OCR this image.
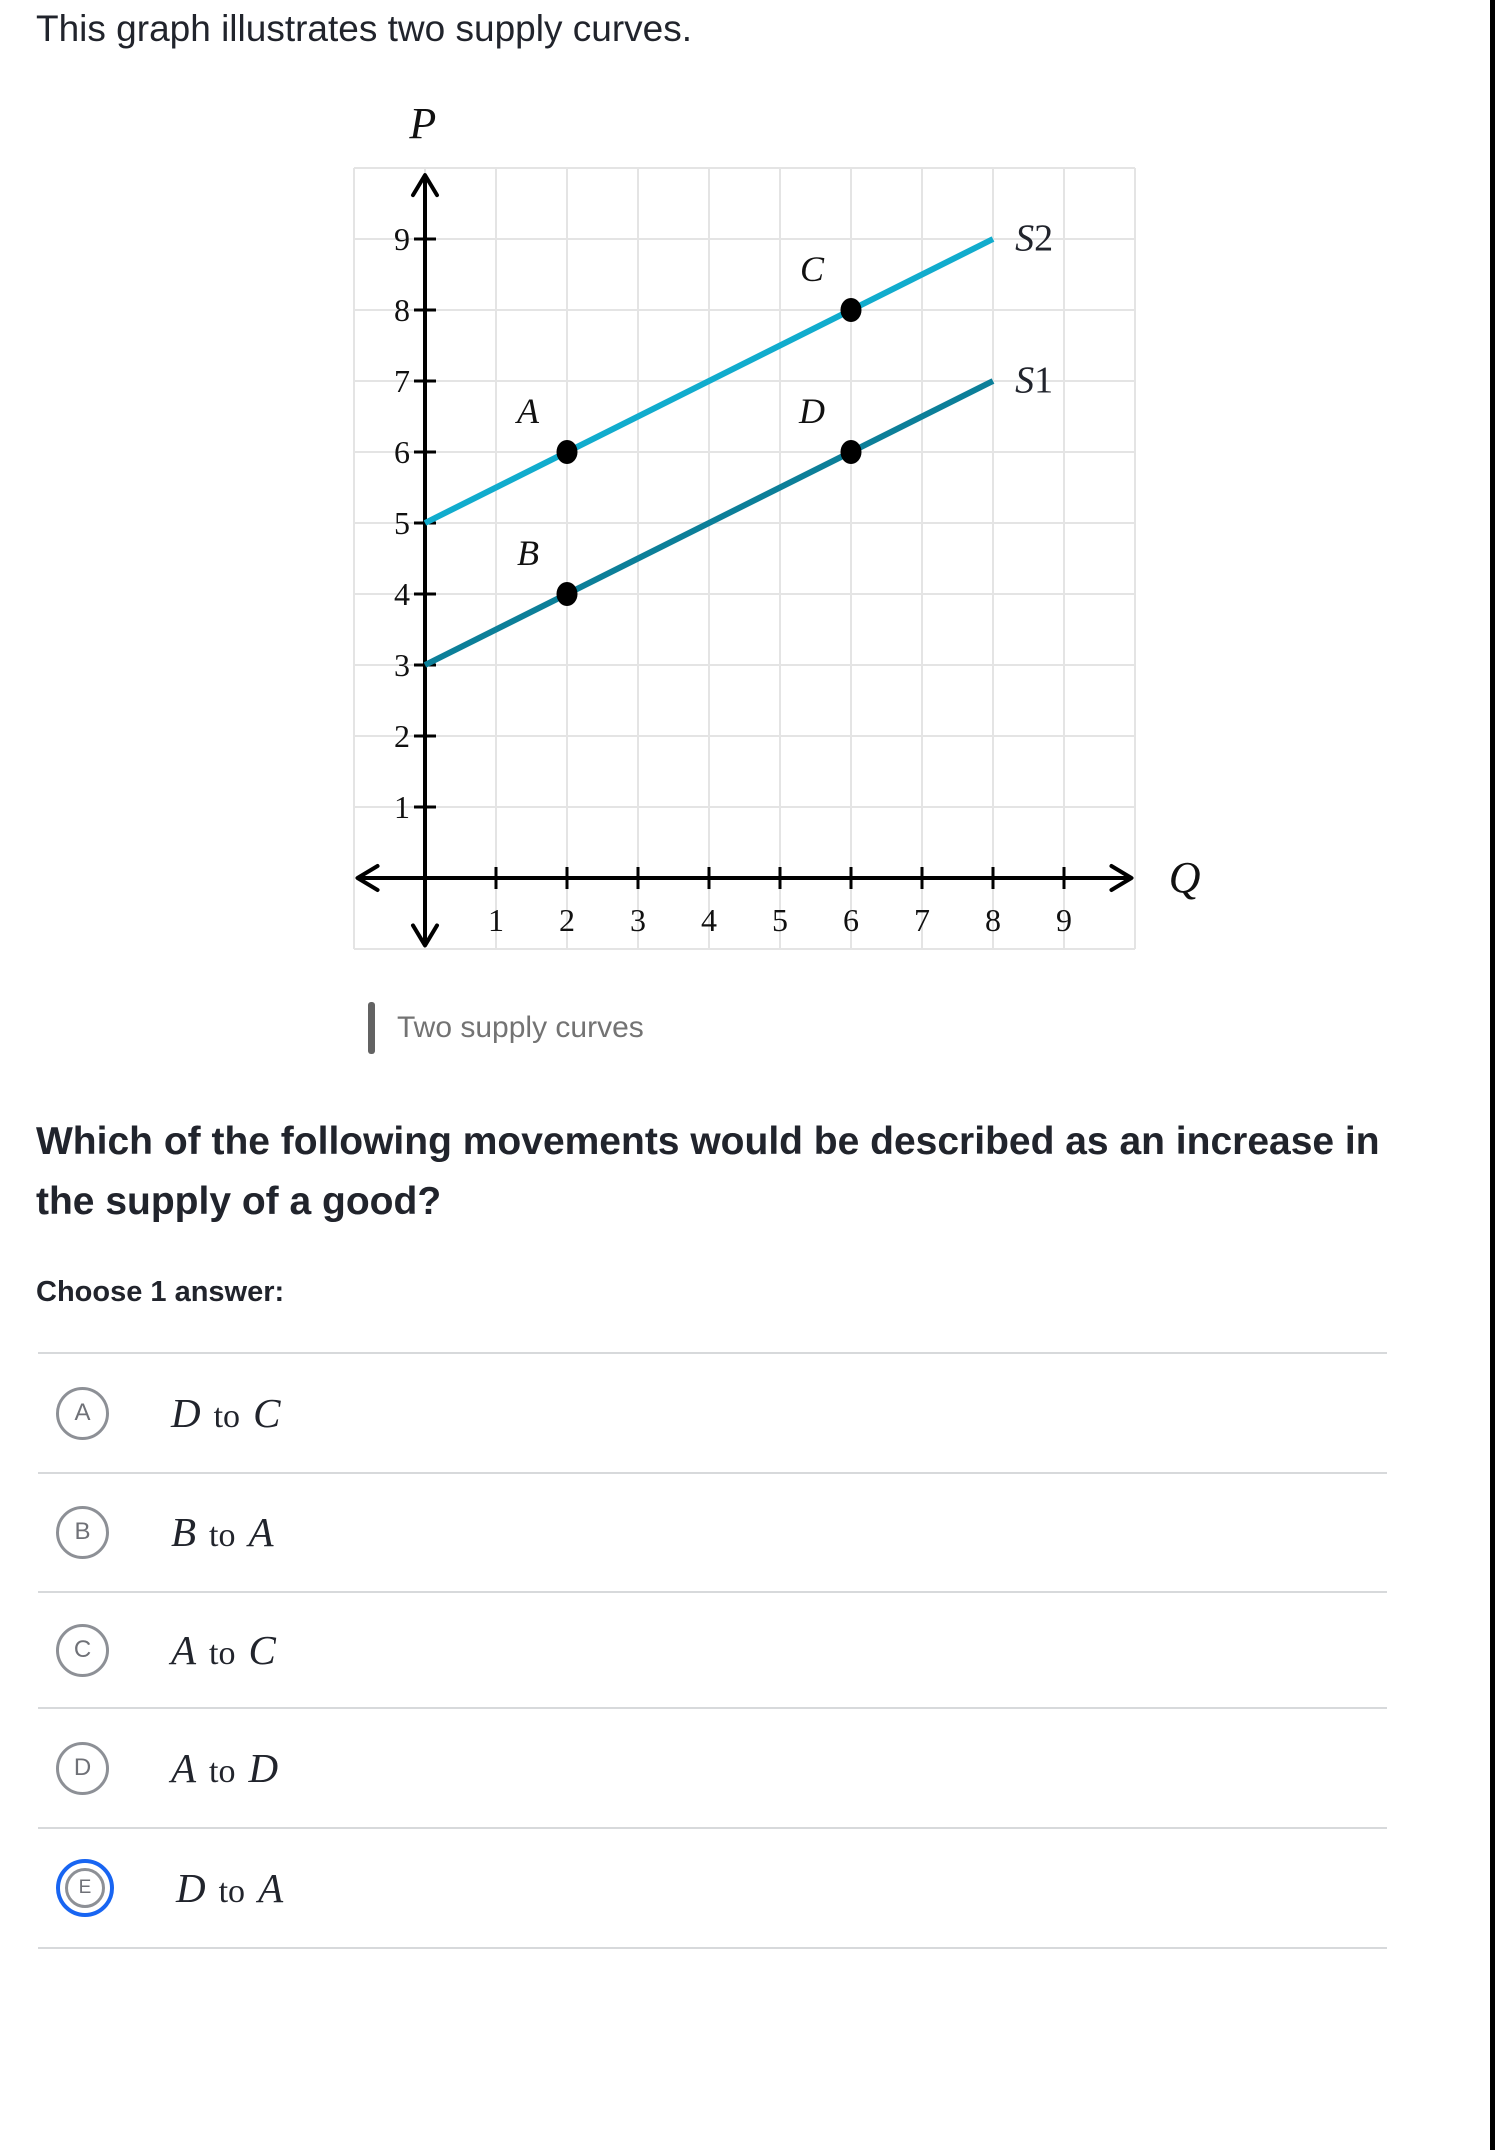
This graph illustrates two supply curves.
1 2 3 4 5 6 7 8 9
1
2
3
4
5
6
7
8
9	S2
S1
A
B
C
D
P
Q
Two supply curves
Which of the following movements would be described as an increase in
the supply of a good?
Choose 1 answer:
A D to C
B B to A
C A to C
D A to D
E D to A
